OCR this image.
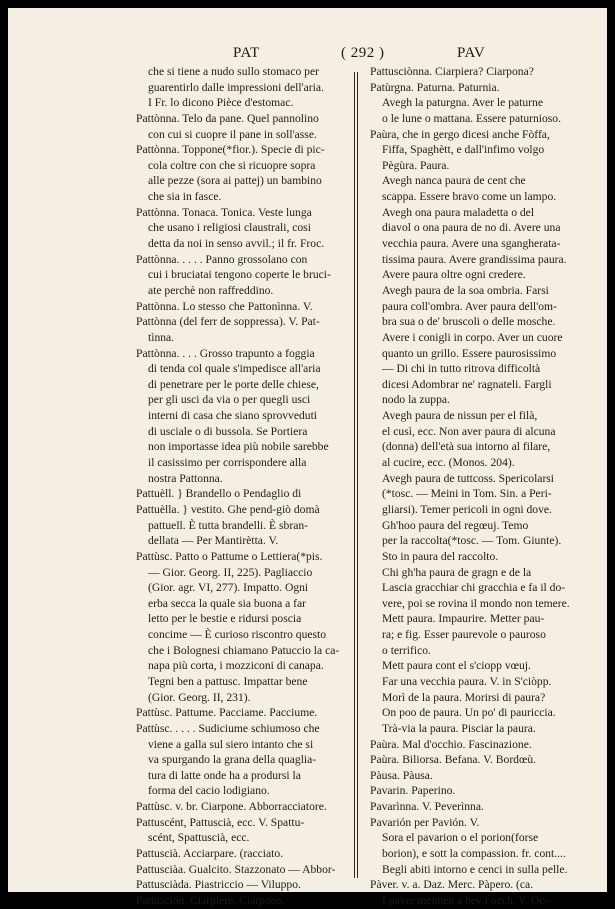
PAT	( 292 )	PAV
che si tiene a nudo sullo stomaco per
guarentirlo dalle impressioni dell'aria.
I Fr. lo dicono Pièce d'estomac.
Pattònna. Telo da pane. Quel pannolino
con cui si cuopre il pane in soll'asse.
Pattònna. Toppone(*fior.). Specie di pic-
cola coltre con che si ricuopre sopra
alle pezze (sora ai pattej) un bambino
che sia in fasce.
Pattònna. Tonaca. Tonica. Veste lunga
che usano i religiosi claustrali, cosi
detta da noi in senso avvil.; il fr. Froc.
Pattònna. . . . . Panno grossolano con
cui i bruciatai tengono coperte le bruci-
ate perchè non raffreddino.
Pattònna. Lo stesso che Pattonìnna. V.
Pattònna (del ferr de soppressa). V. Pat-
tìnna.
Pattònna. . . . Grosso trapunto a foggia
di tenda col quale s'impedisce all'aria
di penetrare per le porte delle chiese,
per gli usci da via o per quegli usci
interni di casa che siano sprovveduti
di usciale o di bussola. Se Portiera
non importasse idea più nobile sarebbe
il casissimo per corrispondere alla
nostra Pattonna.
Pattuèll. } Brandello o Pendaglio di
Pattuèlla. } vestito. Ghe pend-giò domà
pattuell. È tutta brandelli. È sbran-
dellata — Per Mantirètta. V.
Pattùsc. Patto o Pattume o Lettiera(*pis.
— Gior. Georg. II, 225). Pagliaccio
(Gior. agr. VI, 277). Impatto. Ogni
erba secca la quale sia buona a far
letto per le bestie e ridursi poscia
concime — È curioso riscontro questo
che i Bolognesi chiamano Patuccio la ca-
napa più corta, i mozziconi di canapa.
Tegni ben a pattusc. Impattar bene
(Gior. Georg. II, 231).
Pattùsc. Pattume. Pacciame. Pacciume.
Pattùsc. . . . . Sudiciume schiumoso che
viene a galla sul siero intanto che si
va spurgando la grana della quaglia-
tura di latte onde ha a prodursi la
forma del cacio lodigiano.
Pattùsc. v. br. Ciarpone. Abborracciatore.
Pattuscént, Pattuscià, ecc. V. Spattu-
scént, Spattuscià, ecc.
Pattuscià. Acciarpare. (racciato.
Pattusciàa. Gualcito. Stazzonato — Abbor-
Pattusciàda. Piastriccio — Viluppo.
Pattusción. Ciarpiere. Ciarpone.
Pattusciònna. Ciarpiera? Ciarpona?
Patùrgna. Paturna. Paturnia.
Avegh la paturgna. Aver le paturne
o le lune o mattana. Essere paturnioso.
Paùra, che in gergo dicesi anche Fòffa,
Fiffa, Spaghètt, e dall'infimo volgo
Pègùra. Paura.
Avegh nanca paura de cent che
scappa. Essere bravo come un lampo.
Avegh ona paura maladetta o del
diavol o ona paura de no di. Avere una
vecchia paura. Avere una sgangherata-
tissima paura. Avere grandissima paura.
Avere paura oltre ogni credere.
Avegh paura de la soa ombria. Farsi
paura coll'ombra. Aver paura dell'om-
bra sua o de' bruscoli o delle mosche.
Avere i conigli in corpo. Aver un cuore
quanto un grillo. Essere paurosissimo
— Di chi in tutto ritrova difficoltà
dicesi Adombrar ne' ragnateli. Fargli
nodo la zuppa.
Avegh paura de nissun per el filà,
el cusì, ecc. Non aver paura di alcuna
(donna) dell'età sua intorno al filare,
al cucire, ecc. (Monos. 204).
Avegh paura de tuttcoss. Spericolarsi
(*tosc. — Meini in Tom. Sin. a Peri-
gliarsi). Temer pericoli in ogni dove.
Gh'hoo paura del regœuj. Temo
per la raccolta(*tosc. — Tom. Giunte).
Sto in paura del raccolto.
Chi gh'ha paura de gragn e de la
Lascia gracchiar chi gracchia e fa il do-
vere, poi se rovina il mondo non temere.
Mett paura. Impaurire. Metter pau-
ra; e fig. Esser paurevole o pauroso
o terrifico.
Mett paura cont el s'ciopp vœuj.
Far una vecchia paura. V. in S'ciòpp.
Morì de la paura. Morirsi di paura?
On poo de paura. Un po' di pauriccia.
Trà-via la paura. Pisciar la paura.
Paùra. Mal d'occhio. Fascinazione.
Paùra. Biliorsa. Befana. V. Bordœù.
Pàusa. Pàusa.
Pavarin. Paperino.
Pavarìnna. V. Peverìnna.
Pavarión per Pavión. V.
Sora el pavarion o el porion(forse
borion), e sott la compassion. fr. cont....
Begli abiti intorno e cenci in sulla pelle.
Pàver. v. a. Daz. Merc. Pàpero. (ca.
I paver mennen a bev i occh. V. Óc-
